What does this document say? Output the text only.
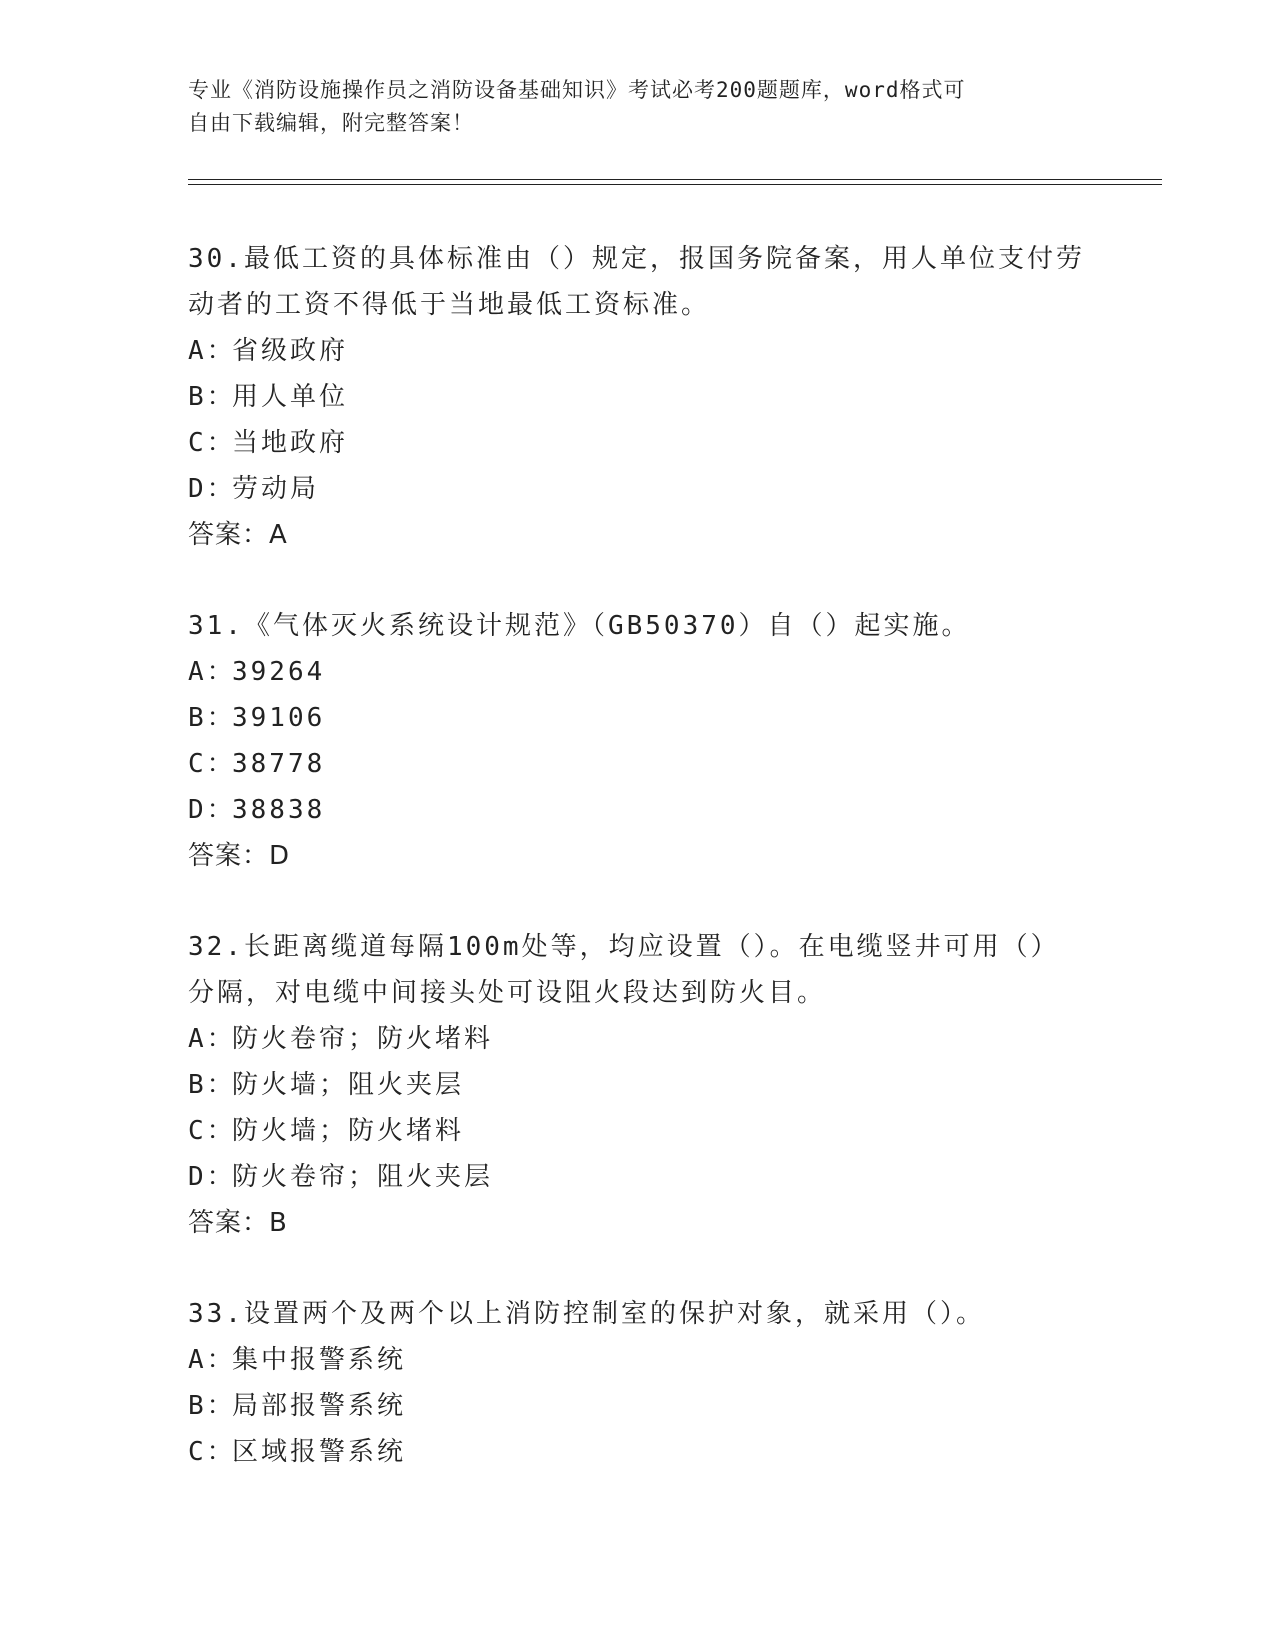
专业《消防设施操作员之消防设备基础知识》考试必考200题题库，word格式可
自由下载编辑，附完整答案！

30.最低工资的具体标准由（）规定，报国务院备案，用人单位支付劳

动者的工资不得低于当地最低工资标准。

A：省级政府

B：用人单位

C：当地政府

D：劳动局

答案：A

31.《气体灭火系统设计规范》（GB50370）自（）起实施。

A：39264

B：39106

C：38778

D：38838

答案：D

32.长距离缆道每隔100m处等，均应设置（）。在电缆竖井可用（）

分隔，对电缆中间接头处可设阻火段达到防火目。

A：防火卷帘；防火堵料

B：防火墙；阻火夹层

C：防火墙；防火堵料

D：防火卷帘；阻火夹层

答案：B

33.设置两个及两个以上消防控制室的保护对象，就采用（）。

A：集中报警系统

B：局部报警系统

C：区域报警系统
